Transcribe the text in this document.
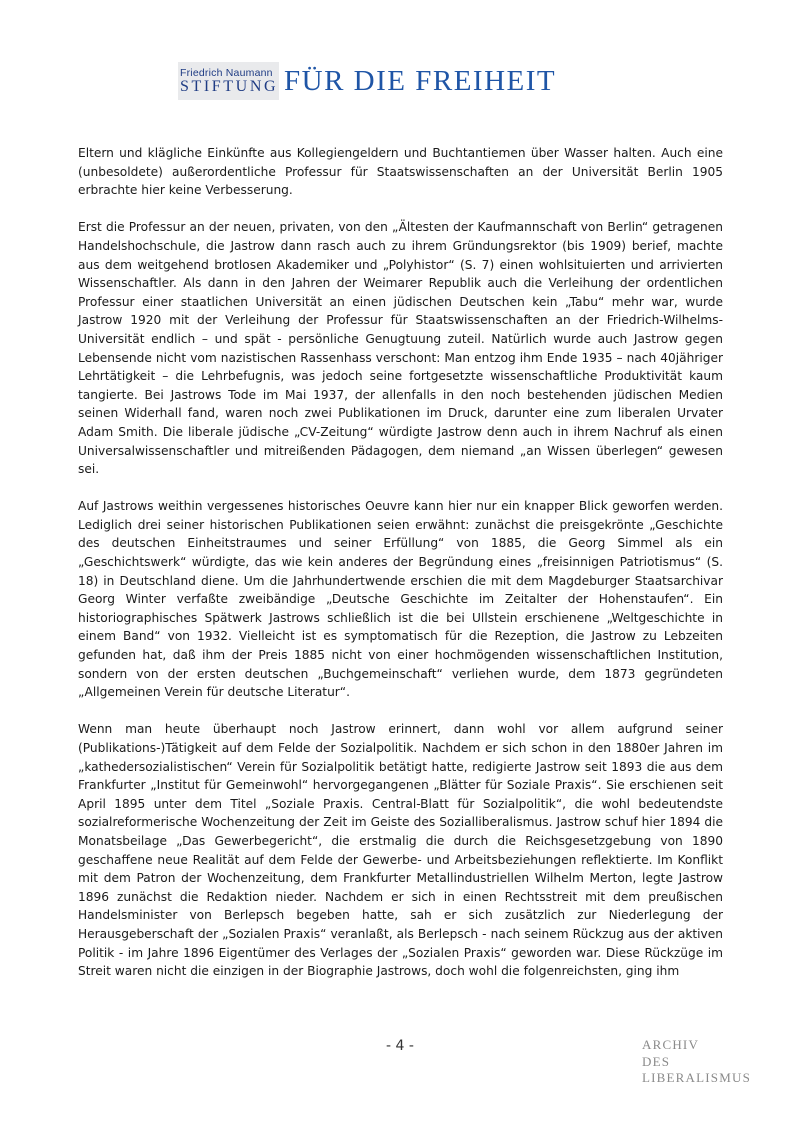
Friedrich Naumann
STIFTUNG FÜR DIE FREIHEIT

Eltern und klägliche Einkünfte aus Kollegiengeldern und Buchtantiemen über Wasser halten. Auch eine (unbesoldete) außerordentliche Professur für Staatswissenschaften an der Universität Berlin 1905 erbrachte hier keine Verbesserung.

Erst die Professur an der neuen, privaten, von den „Ältesten der Kaufmannschaft von Berlin“ getragenen Handelshochschule, die Jastrow dann rasch auch zu ihrem Gründungsrektor (bis 1909) berief, machte aus dem weitgehend brotlosen Akademiker und „Polyhistor“ (S. 7) einen wohlsituierten und arrivierten Wissenschaftler. Als dann in den Jahren der Weimarer Republik auch die Verleihung der ordentlichen Professur einer staatlichen Universität an einen jüdischen Deutschen kein „Tabu“ mehr war, wurde Jastrow 1920 mit der Verleihung der Professur für Staatswissenschaften an der Friedrich-Wilhelms-Universität endlich – und spät - persönliche Genugtuung zuteil. Natürlich wurde auch Jastrow gegen Lebensende nicht vom nazistischen Rassenhass verschont: Man entzog ihm Ende 1935 – nach 40jähriger Lehrtätigkeit – die Lehrbefugnis, was jedoch seine fortgesetzte wissenschaftliche Produktivität kaum tangierte. Bei Jastrows Tode im Mai 1937, der allenfalls in den noch bestehenden jüdischen Medien seinen Widerhall fand, waren noch zwei Publikationen im Druck, darunter eine zum liberalen Urvater Adam Smith. Die liberale jüdische „CV-Zeitung“ würdigte Jastrow denn auch in ihrem Nachruf als einen Universalwissenschaftler und mitreißenden Pädagogen, dem niemand „an Wissen überlegen“ gewesen sei.

Auf Jastrows weithin vergessenes historisches Oeuvre kann hier nur ein knapper Blick geworfen werden. Lediglich drei seiner historischen Publikationen seien erwähnt: zunächst die preisgekrönte „Geschichte des deutschen Einheitstraumes und seiner Erfüllung“ von 1885, die Georg Simmel als ein „Geschichtswerk“ würdigte, das wie kein anderes der Begründung eines „freisinnigen Patriotismus“ (S. 18) in Deutschland diene. Um die Jahrhundertwende erschien die mit dem Magdeburger Staatsarchivar Georg Winter verfaßte zweibändige „Deutsche Geschichte im Zeitalter der Hohenstaufen“. Ein historiographisches Spätwerk Jastrows schließlich ist die bei Ullstein erschienene „Weltgeschichte in einem Band“ von 1932. Vielleicht ist es symptomatisch für die Rezeption, die Jastrow zu Lebzeiten gefunden hat, daß ihm der Preis 1885 nicht von einer hochmögenden wissenschaftlichen Institution, sondern von der ersten deutschen „Buchgemeinschaft“ verliehen wurde, dem 1873 gegründeten „Allgemeinen Verein für deutsche Literatur“.

Wenn man heute überhaupt noch Jastrow erinnert, dann wohl vor allem aufgrund seiner (Publikations-)Tätigkeit auf dem Felde der Sozialpolitik. Nachdem er sich schon in den 1880er Jahren im „kathedersozialistischen“ Verein für Sozialpolitik betätigt hatte, redigierte Jastrow seit 1893 die aus dem Frankfurter „Institut für Gemeinwohl“ hervorgegangenen „Blätter für Soziale Praxis“. Sie erschienen seit April 1895 unter dem Titel „Soziale Praxis. Central-Blatt für Sozialpolitik“, die wohl bedeutendste sozialreformerische Wochenzeitung der Zeit im Geiste des Sozialliberalismus. Jastrow schuf hier 1894 die Monatsbeilage „Das Gewerbegericht“, die erstmalig die durch die Reichsgesetzgebung von 1890 geschaffene neue Realität auf dem Felde der Gewerbe- und Arbeitsbeziehungen reflektierte. Im Konflikt mit dem Patron der Wochenzeitung, dem Frankfurter Metallindustriellen Wilhelm Merton, legte Jastrow 1896 zunächst die Redaktion nieder. Nachdem er sich in einen Rechtsstreit mit dem preußischen Handelsminister von Berlepsch begeben hatte, sah er sich zusätzlich zur Niederlegung der Herausgeberschaft der „Sozialen Praxis“ veranlaßt, als Berlepsch - nach seinem Rückzug aus der aktiven Politik - im Jahre 1896 Eigentümer des Verlages der „Sozialen Praxis“ geworden war. Diese Rückzüge im Streit waren nicht die einzigen in der Biographie Jastrows, doch wohl die folgenreichsten, ging ihm

- 4 -	ARCHIV
DES
LIBERALISMUS
